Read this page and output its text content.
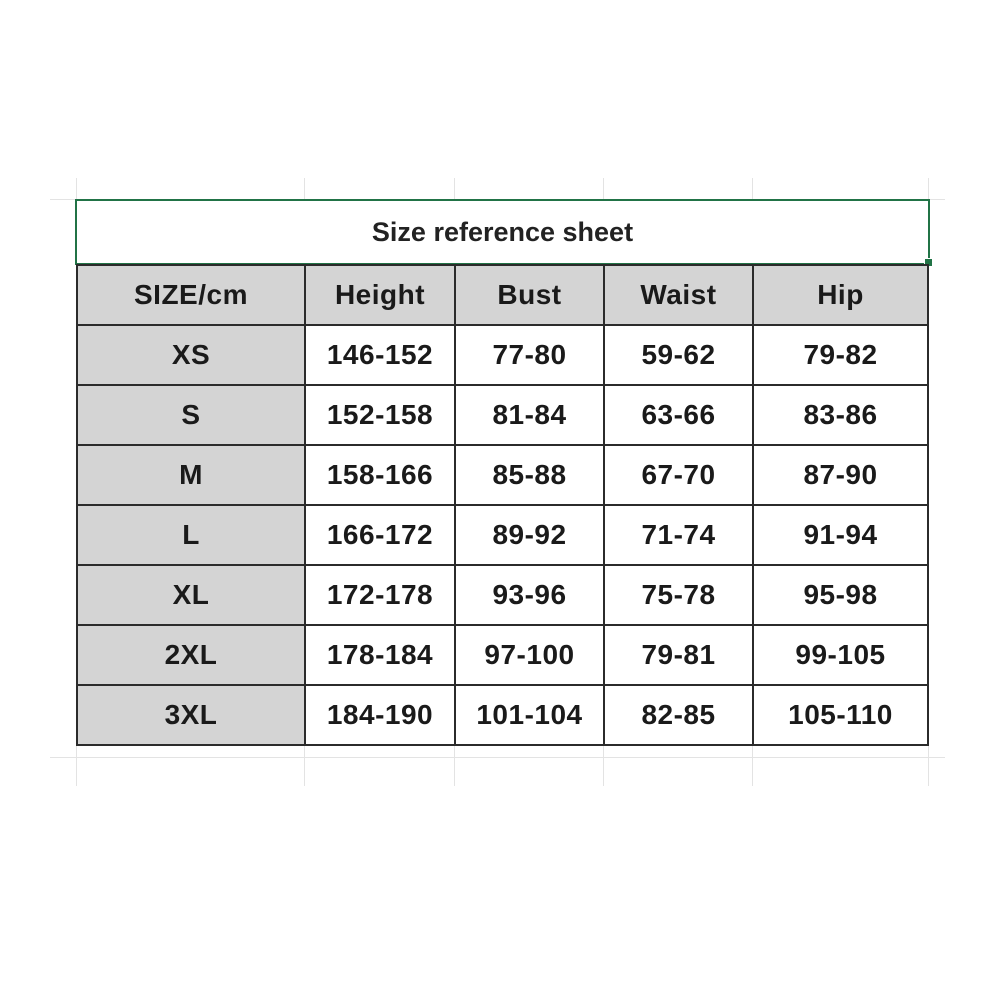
Size reference sheet
SIZE/cm	Height	Bust	Waist	Hip
XS	146-152	77-80	59-62	79-82
S	152-158	81-84	63-66	83-86
M	158-166	85-88	67-70	87-90
L	166-172	89-92	71-74	91-94
XL	172-178	93-96	75-78	95-98
2XL	178-184	97-100	79-81	99-105
3XL	184-190	101-104	82-85	105-110
